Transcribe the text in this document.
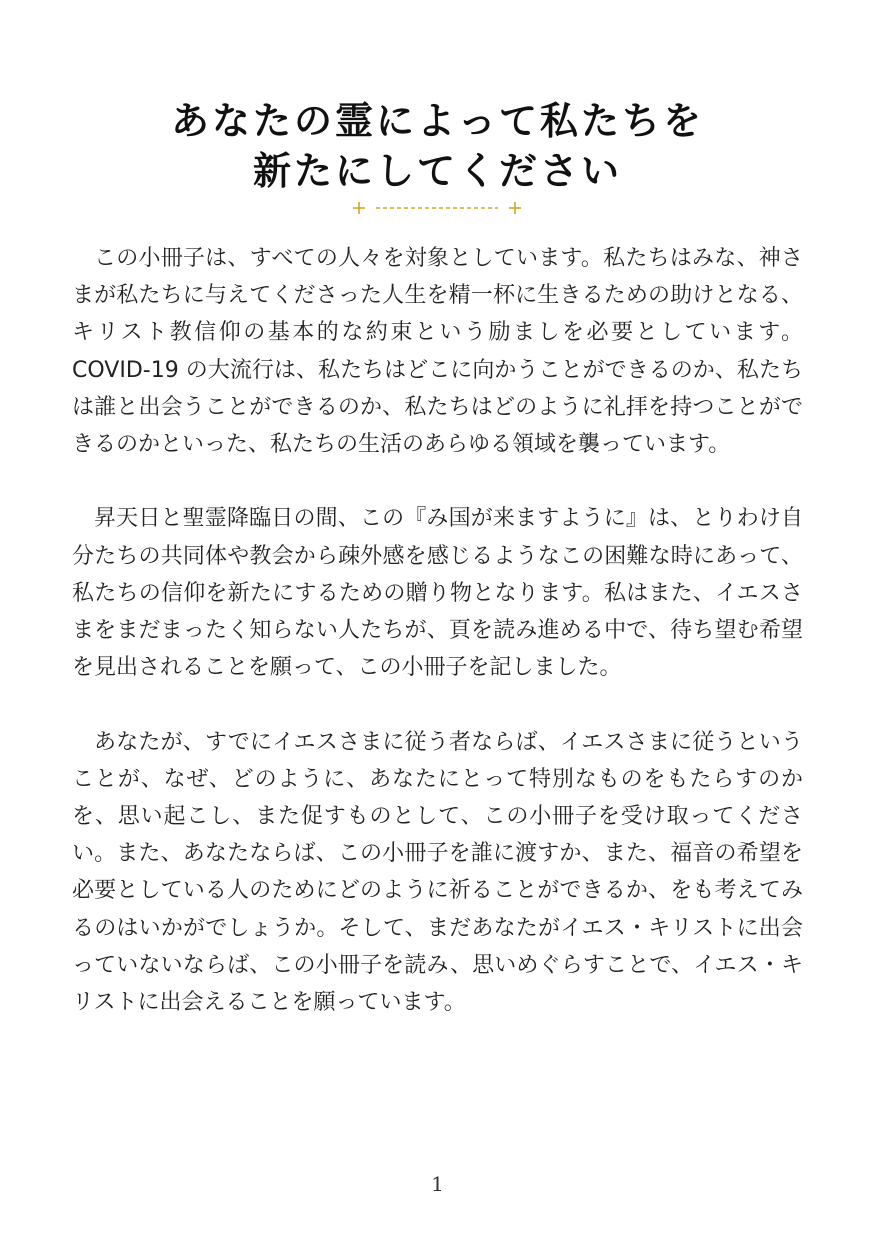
あなたの霊によって私たちを
新たにしてください

この小冊子は、すべての人々を対象としています。私たちはみな、神さまが私たちに与えてくださった人生を精一杯に生きるための助けとなる、キリスト教信仰の基本的な約束という励ましを必要としています。COVID-19 の大流行は、私たちはどこに向かうことができるのか、私たちは誰と出会うことができるのか、私たちはどのように礼拝を持つことができるのかといった、私たちの生活のあらゆる領域を襲っています。

昇天日と聖霊降臨日の間、この『み国が来ますように』は、とりわけ自分たちの共同体や教会から疎外感を感じるようなこの困難な時にあって、私たちの信仰を新たにするための贈り物となります。私はまた、イエスさまをまだまったく知らない人たちが、頁を読み進める中で、待ち望む希望を見出されることを願って、この小冊子を記しました。

あなたが、すでにイエスさまに従う者ならば、イエスさまに従うということが、なぜ、どのように、あなたにとって特別なものをもたらすのかを、思い起こし、また促すものとして、この小冊子を受け取ってください。また、あなたならば、この小冊子を誰に渡すか、また、福音の希望を必要としている人のためにどのように祈ることができるか、をも考えてみるのはいかがでしょうか。そして、まだあなたがイエス・キリストに出会っていないならば、この小冊子を読み、思いめぐらすことで、イエス・キリストに出会えることを願っています。

1
